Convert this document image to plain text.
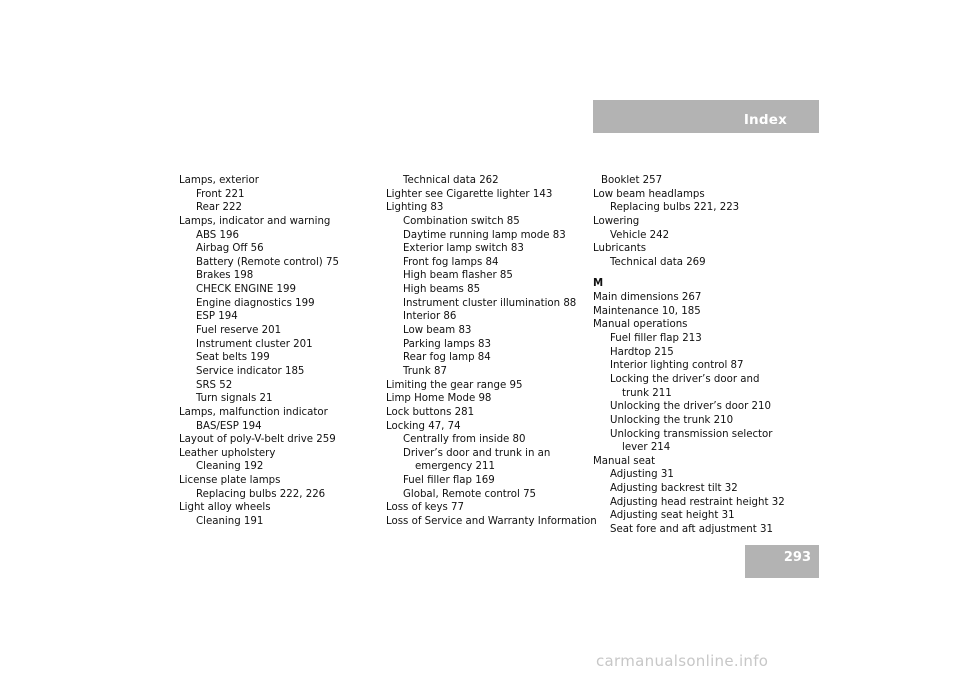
Index
Lamps, exterior
Front 221
Rear 222
Lamps, indicator and warning
ABS 196
Airbag Off 56
Battery (Remote control) 75
Brakes 198
CHECK ENGINE 199
Engine diagnostics 199
ESP 194
Fuel reserve 201
Instrument cluster 201
Seat belts 199
Service indicator 185
SRS 52
Turn signals 21
Lamps, malfunction indicator
BAS/ESP 194
Layout of poly-V-belt drive 259
Leather upholstery
Cleaning 192
License plate lamps
Replacing bulbs 222, 226
Light alloy wheels
Cleaning 191
Technical data 262
Lighter see Cigarette lighter 143
Lighting 83
Combination switch 85
Daytime running lamp mode 83
Exterior lamp switch 83
Front fog lamps 84
High beam flasher 85
High beams 85
Instrument cluster illumination 88
Interior 86
Low beam 83
Parking lamps 83
Rear fog lamp 84
Trunk 87
Limiting the gear range 95
Limp Home Mode 98
Lock buttons 281
Locking 47, 74
Centrally from inside 80
Driver’s door and trunk in an
emergency 211
Fuel filler flap 169
Global, Remote control 75
Loss of keys 77
Loss of Service and Warranty Information
Booklet 257
Low beam headlamps
Replacing bulbs 221, 223
Lowering
Vehicle 242
Lubricants
Technical data 269
M
Main dimensions 267
Maintenance 10, 185
Manual operations
Fuel filler flap 213
Hardtop 215
Interior lighting control 87
Locking the driver’s door and
trunk 211
Unlocking the driver’s door 210
Unlocking the trunk 210
Unlocking transmission selector
lever 214
Manual seat
Adjusting 31
Adjusting backrest tilt 32
Adjusting head restraint height 32
Adjusting seat height 31
Seat fore and aft adjustment 31
293
carmanualsonline.info
